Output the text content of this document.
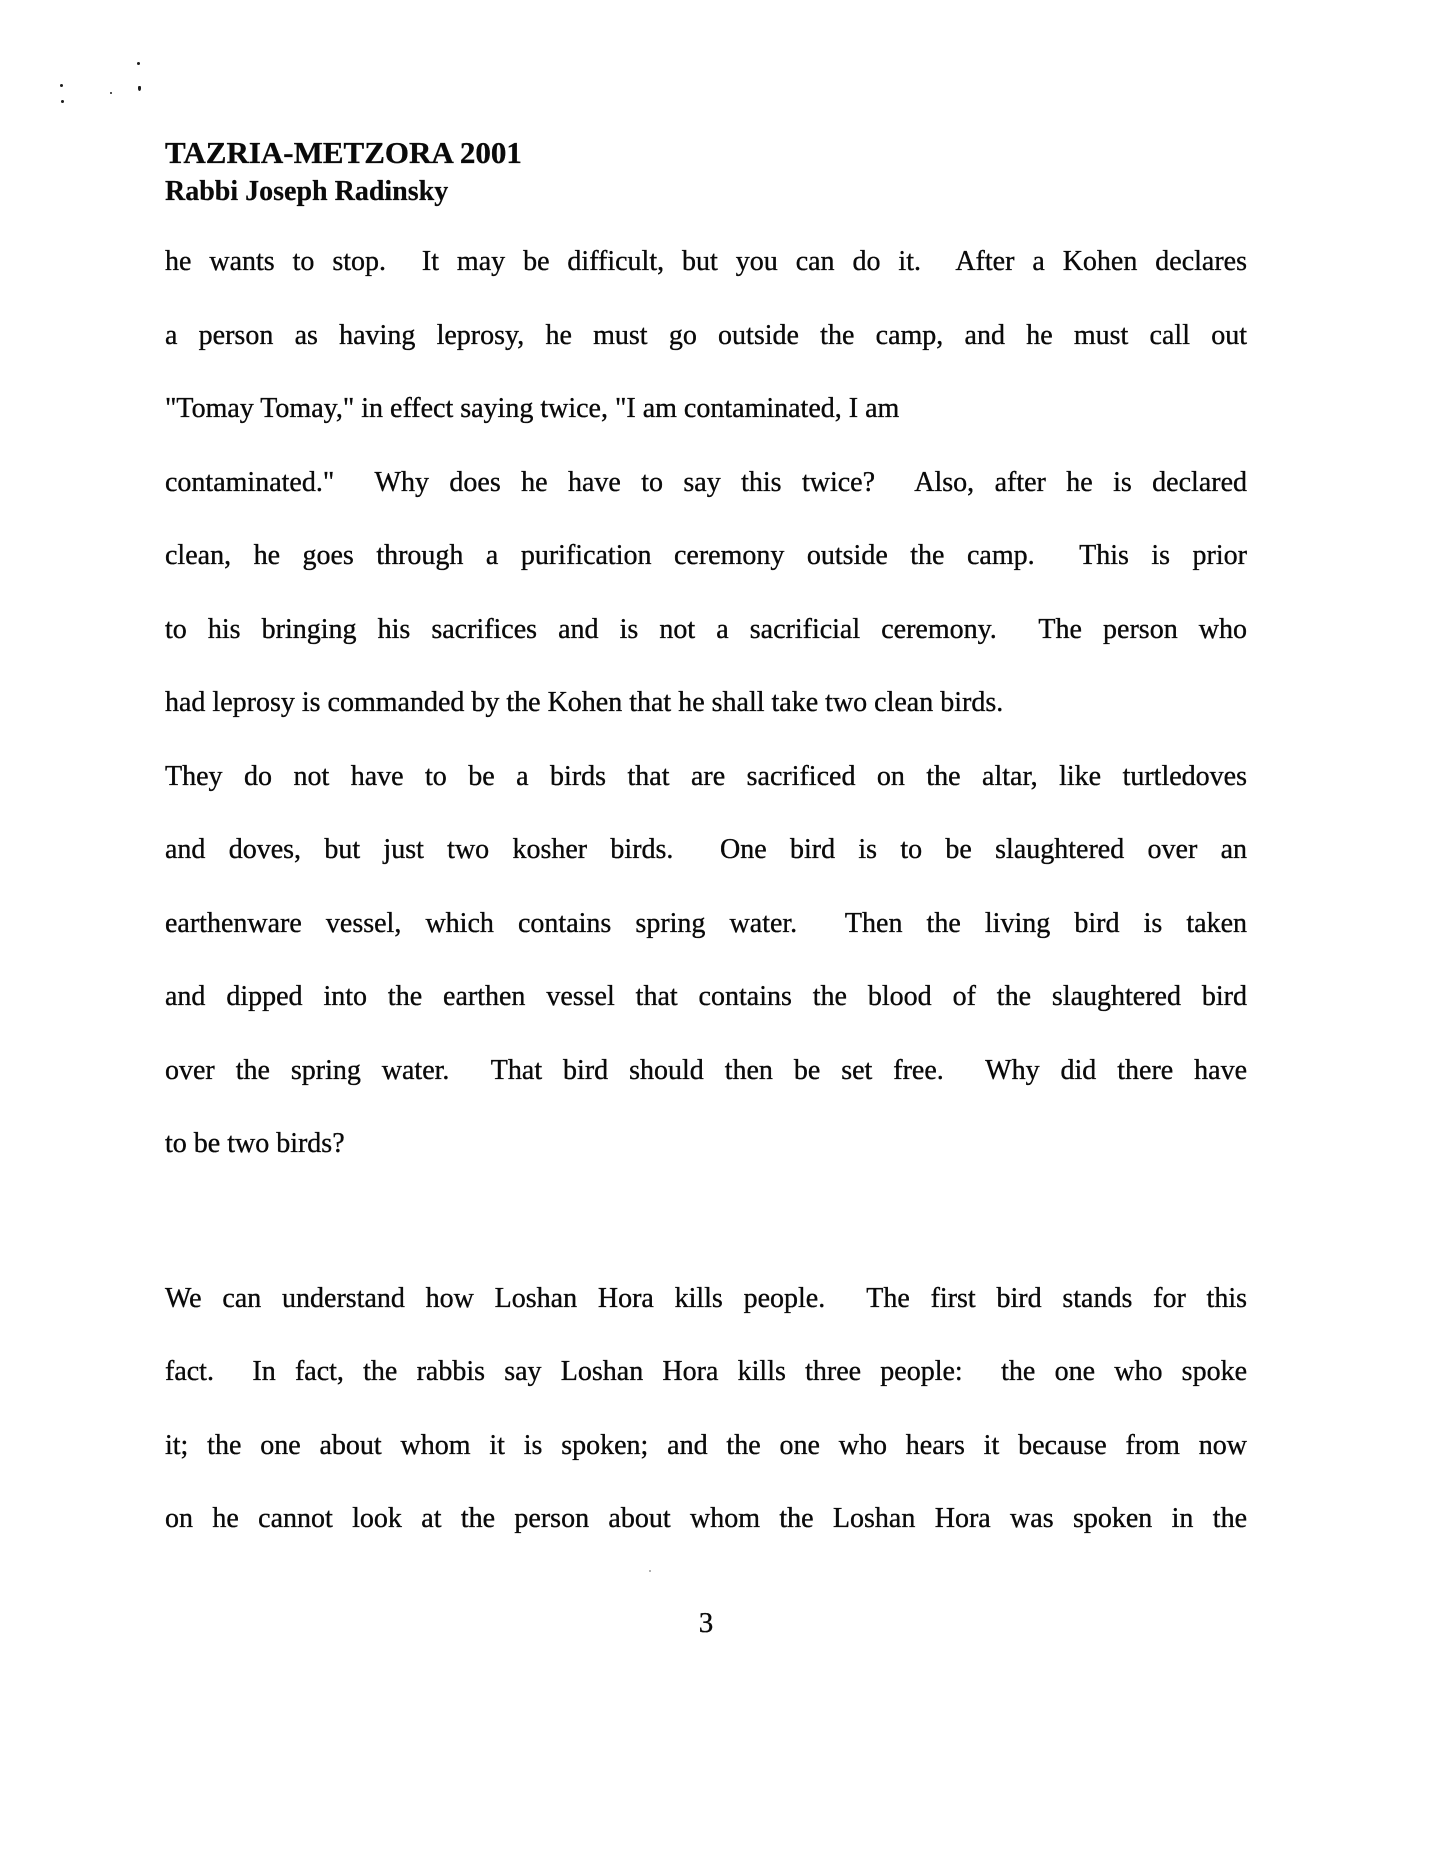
TAZRIA-METZORA 2001
Rabbi Joseph Radinsky
he wants to stop.  It may be difficult, but you can do it.  After a Kohen declares
a person as having leprosy, he must go outside the camp, and he must call out
"Tomay Tomay," in effect saying twice, "I am contaminated, I am
contaminated."  Why does he have to say this twice?  Also, after he is declared
clean, he goes through a purification ceremony outside the camp.  This is prior
to his bringing his sacrifices and is not a sacrificial ceremony.  The person who
had leprosy is commanded by the Kohen that he shall take two clean birds.
They do not have to be a birds that are sacrificed on the altar, like turtledoves
and doves, but just two kosher birds.  One bird is to be slaughtered over an
earthenware vessel, which contains spring water.  Then the living bird is taken
and dipped into the earthen vessel that contains the blood of the slaughtered bird
over the spring water.  That bird should then be set free.  Why did there have
to be two birds?
We can understand how Loshan Hora kills people.  The first bird stands for this
fact.  In fact, the rabbis say Loshan Hora kills three people:  the one who spoke
it; the one about whom it is spoken; and the one who hears it because from now
on he cannot look at the person about whom the Loshan Hora was spoken in the
3
